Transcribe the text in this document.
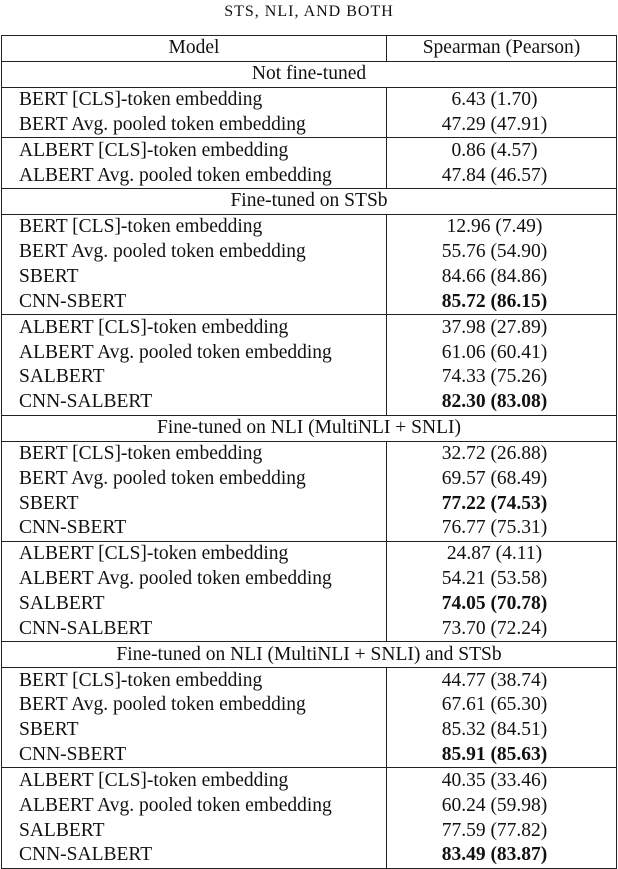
STS, NLI, AND BOTH
Model	Spearman (Pearson)
Not fine-tuned	
BERT [CLS]-token embedding	6.43 (1.70)
BERT Avg. pooled token embedding	47.29 (47.91)
ALBERT [CLS]-token embedding	0.86 (4.57)
ALBERT Avg. pooled token embedding	47.84 (46.57)
Fine-tuned on STSb	
BERT [CLS]-token embedding	12.96 (7.49)
BERT Avg. pooled token embedding	55.76 (54.90)
SBERT	84.66 (84.86)
CNN-SBERT	85.72 (86.15)
ALBERT [CLS]-token embedding	37.98 (27.89)
ALBERT Avg. pooled token embedding	61.06 (60.41)
SALBERT	74.33 (75.26)
CNN-SALBERT	82.30 (83.08)
Fine-tuned on NLI (MultiNLI + SNLI)	
BERT [CLS]-token embedding	32.72 (26.88)
BERT Avg. pooled token embedding	69.57 (68.49)
SBERT	77.22 (74.53)
CNN-SBERT	76.77 (75.31)
ALBERT [CLS]-token embedding	24.87 (4.11)
ALBERT Avg. pooled token embedding	54.21 (53.58)
SALBERT	74.05 (70.78)
CNN-SALBERT	73.70 (72.24)
Fine-tuned on NLI (MultiNLI + SNLI) and STSb	
BERT [CLS]-token embedding	44.77 (38.74)
BERT Avg. pooled token embedding	67.61 (65.30)
SBERT	85.32 (84.51)
CNN-SBERT	85.91 (85.63)
ALBERT [CLS]-token embedding	40.35 (33.46)
ALBERT Avg. pooled token embedding	60.24 (59.98)
SALBERT	77.59 (77.82)
CNN-SALBERT	83.49 (83.87)
